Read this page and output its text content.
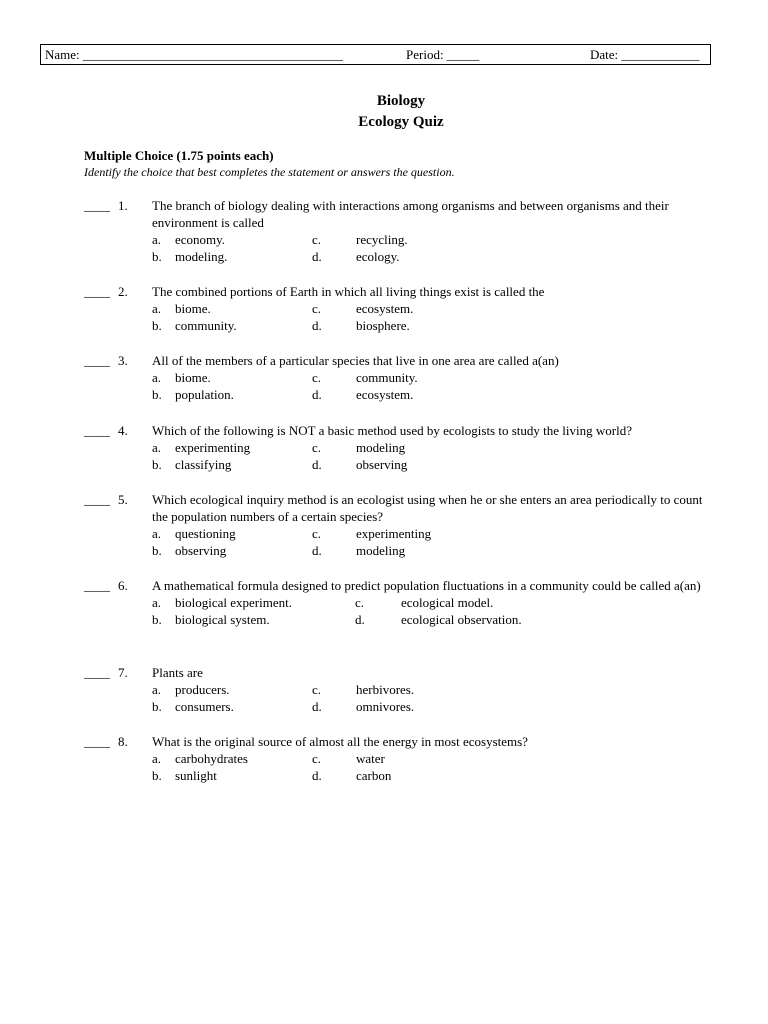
Name: ________________________________________	Period: _____	Date: ____________
Biology
Ecology Quiz
Multiple Choice (1.75 points each)
Identify the choice that best completes the statement or answers the question.
____ 1. The branch of biology dealing with interactions among organisms and between organisms and their environment is called
a. economy.	c.	recycling.
b. modeling.	d.	ecology.
____ 2. The combined portions of Earth in which all living things exist is called the
a. biome.	c.	ecosystem.
b. community.	d.	biosphere.
____ 3. All of the members of a particular species that live in one area are called a(an)
a. biome.	c.	community.
b. population.	d.	ecosystem.
____ 4. Which of the following is NOT a basic method used by ecologists to study the living world?
a. experimenting	c.	modeling
b. classifying	d.	observing
____ 5. Which ecological inquiry method is an ecologist using when he or she enters an area periodically to count the population numbers of a certain species?
a. questioning	c.	experimenting
b. observing	d.	modeling
____ 6. A mathematical formula designed to predict population fluctuations in a community could be called a(an)
a. biological experiment.	c.	ecological model.
b. biological system.	d.	ecological observation.
____ 7. Plants are
a. producers.	c.	herbivores.
b. consumers.	d.	omnivores.
____ 8. What is the original source of almost all the energy in most ecosystems?
a. carbohydrates	c.	water
b. sunlight	d.	carbon
